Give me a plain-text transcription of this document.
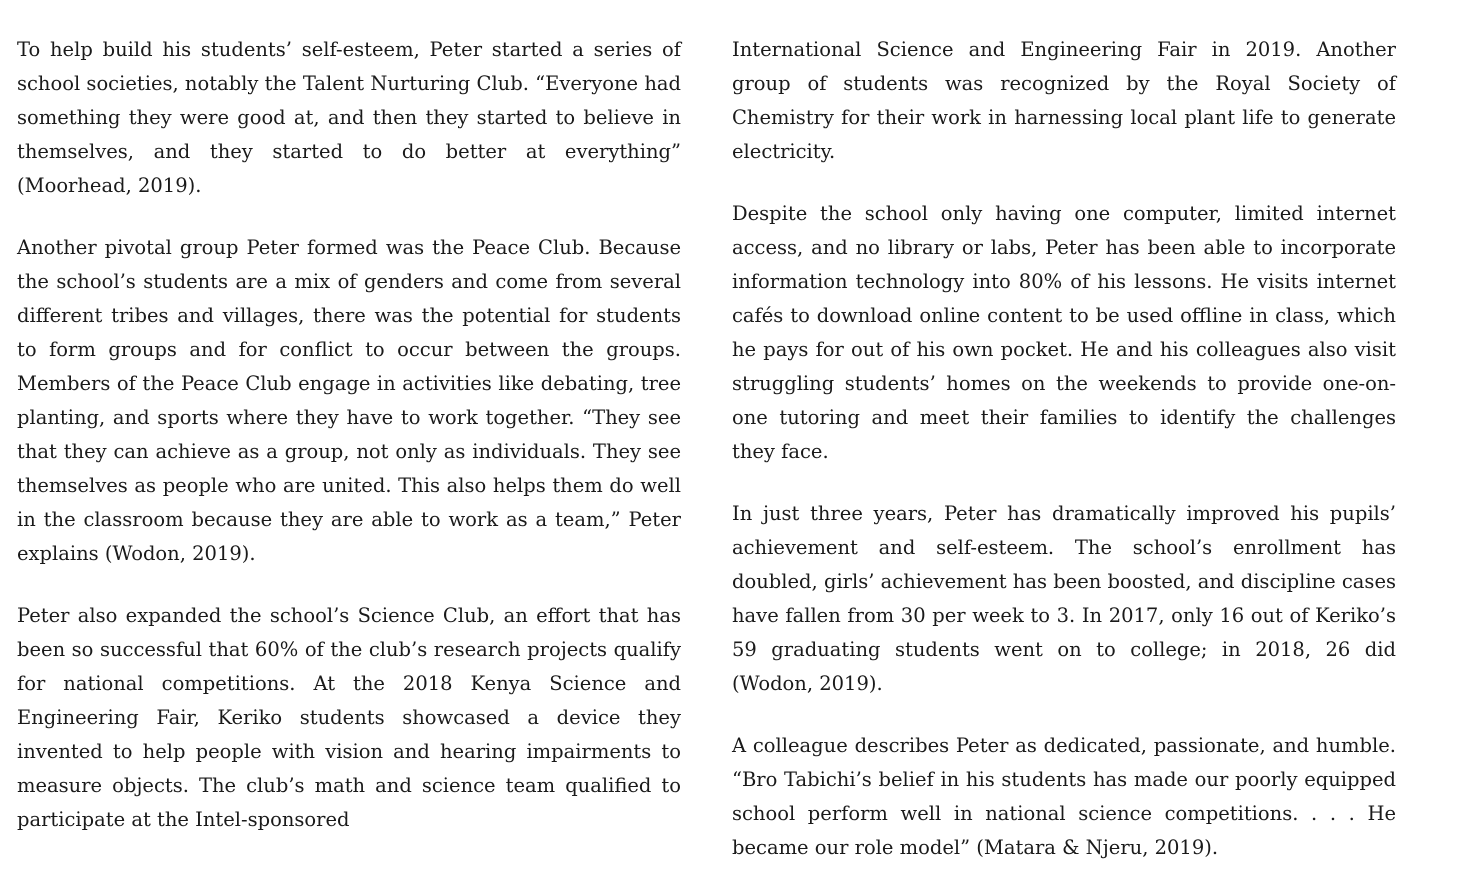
To help build his students’ self-esteem, Peter started a series of school societies, notably the Talent Nurturing Club. “Everyone had something they were good at, and then they started to believe in themselves, and they started to do better at everything” (Moorhead, 2019).

Another pivotal group Peter formed was the Peace Club. Because the school’s students are a mix of genders and come from several different tribes and villages, there was the potential for students to form groups and for conflict to occur between the groups. Members of the Peace Club engage in activities like debating, tree planting, and sports where they have to work together. “They see that they can achieve as a group, not only as individuals. They see themselves as people who are united. This also helps them do well in the classroom because they are able to work as a team,” Peter explains (Wodon, 2019).

Peter also expanded the school’s Science Club, an effort that has been so successful that 60% of the club’s research projects qualify for national competitions. At the 2018 Kenya Science and Engineering Fair, Keriko students showcased a device they invented to help people with vision and hearing impairments to measure objects. The club’s math and science team qualified to participate at the Intel-sponsored

International Science and Engineering Fair in 2019. Another group of students was recognized by the Royal Society of Chemistry for their work in harnessing local plant life to generate electricity.

Despite the school only having one computer, limited internet access, and no library or labs, Peter has been able to incorporate information technology into 80% of his lessons. He visits internet cafés to download online content to be used offline in class, which he pays for out of his own pocket. He and his colleagues also visit struggling students’ homes on the weekends to provide one-on-one tutoring and meet their families to identify the challenges they face.

In just three years, Peter has dramatically improved his pupils’ achievement and self-esteem. The school’s enrollment has doubled, girls’ achievement has been boosted, and discipline cases have fallen from 30 per week to 3. In 2017, only 16 out of Keriko’s 59 graduating students went on to college; in 2018, 26 did (Wodon, 2019).

A colleague describes Peter as dedicated, passionate, and humble. “Bro Tabichi’s belief in his students has made our poorly equipped school perform well in national science competitions. . . . He became our role model” (Matara & Njeru, 2019).
